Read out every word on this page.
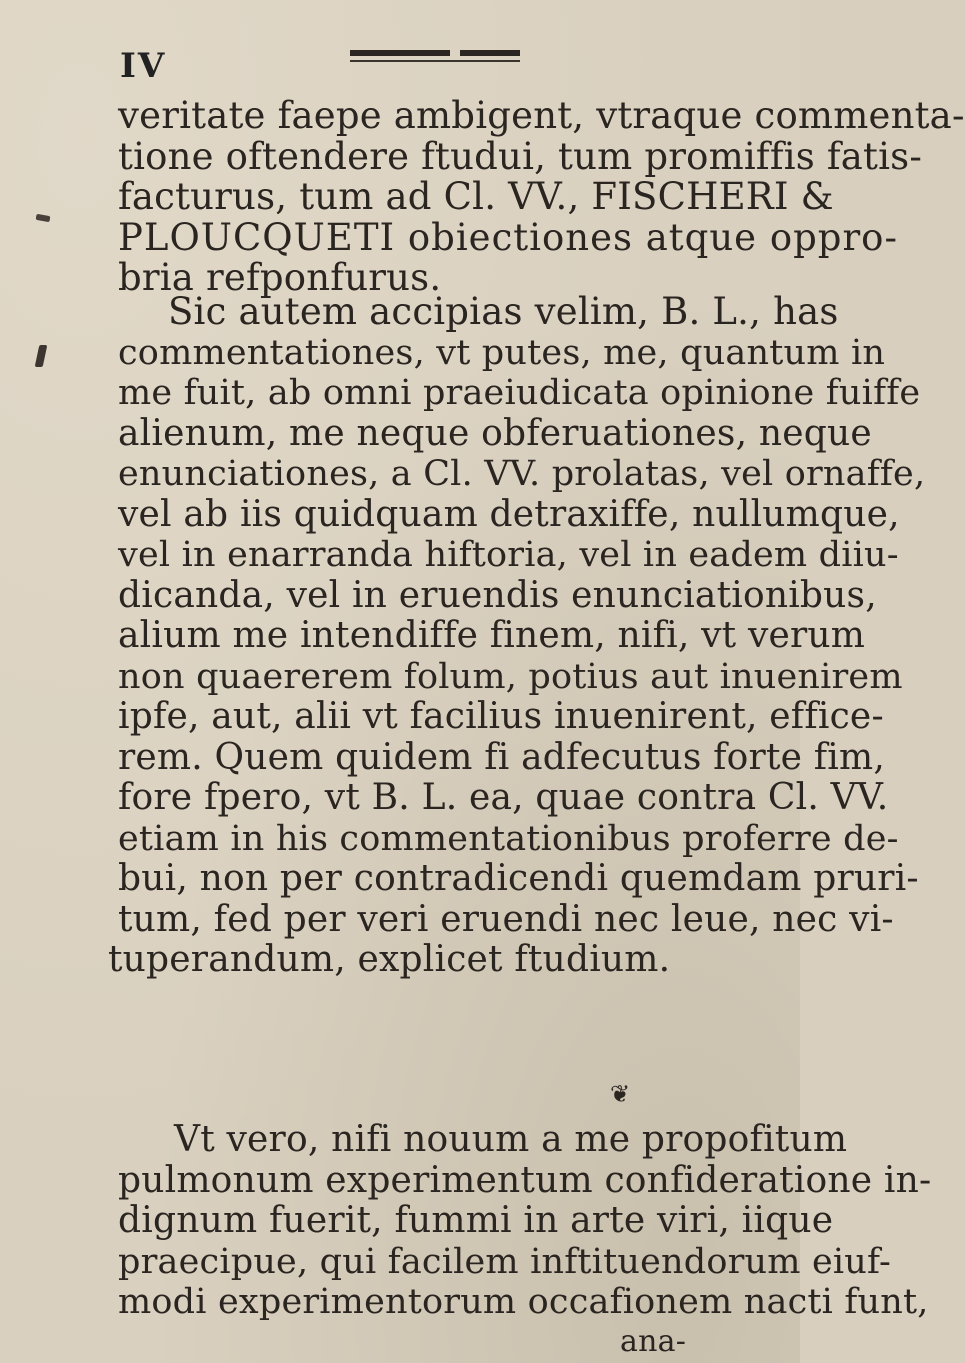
IV
veritate faepe ambigent, vtraque commenta-
tione oftendere ftudui, tum promiffis fatis-
facturus, tum ad Cl. VV., FISCHERI &
PLOUCQUETI obiectiones atque oppro-
bria refponfurus.
Sic autem accipias velim, B. L., has
commentationes, vt putes, me, quantum in
me fuit, ab omni praeiudicata opinione fuiffe
alienum, me neque obferuationes, neque
enunciationes, a Cl. VV. prolatas, vel ornaffe,
vel ab iis quidquam detraxiffe, nullumque,
vel in enarranda hiftoria, vel in eadem diiu-
dicanda, vel in eruendis enunciationibus,
alium me intendiffe finem, nifi, vt verum
non quaererem folum, potius aut inuenirem
ipfe, aut, alii vt facilius inuenirent, effice-
rem. Quem quidem fi adfecutus forte fim,
fore fpero, vt B. L. ea, quae contra Cl. VV.
etiam in his commentationibus proferre de-
bui, non per contradicendi quemdam pruri-
tum, fed per veri eruendi nec leue, nec vi-
tuperandum, explicet ftudium.
❦
Vt vero, nifi nouum a me propofitum
pulmonum experimentum confideratione in-
dignum fuerit, fummi in arte viri, iique
praecipue, qui facilem inftituendorum eiuf-
modi experimentorum occafionem nacti funt,
ana-
